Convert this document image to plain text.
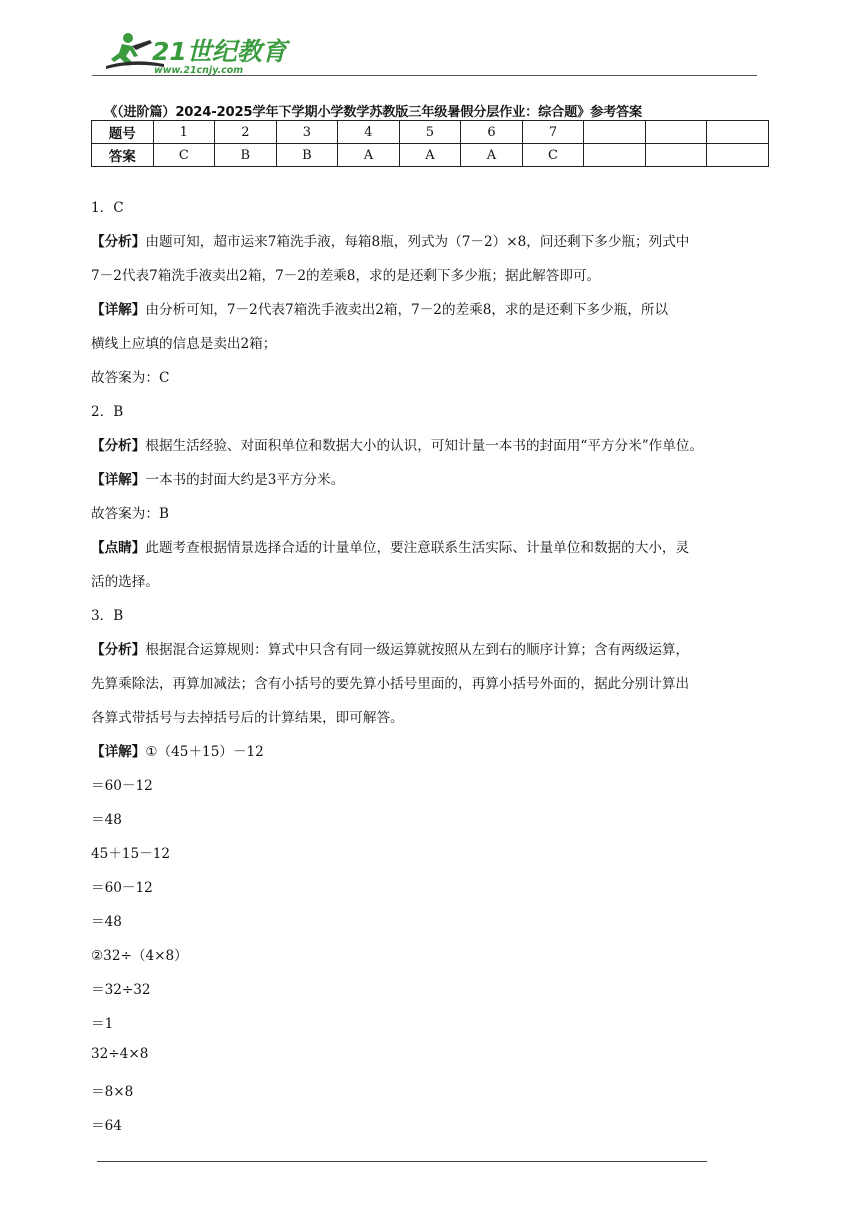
21世纪教育
www.21cnjy.com
《（进阶篇）2024-2025学年下学期小学数学苏教版三年级暑假分层作业：综合题》参考答案
题号	1	2	3	4	5	6	7			
答案	C	B	B	A	A	A	C			
1．C
【分析】由题可知，超市运来7箱洗手液，每箱8瓶，列式为（7－2）×8，问还剩下多少瓶；列式中
7－2代表7箱洗手液卖出2箱，7－2的差乘8，求的是还剩下多少瓶；据此解答即可。
【详解】由分析可知，7－2代表7箱洗手液卖出2箱，7－2的差乘8，求的是还剩下多少瓶，所以
横线上应填的信息是卖出2箱；
故答案为：C
2．B
【分析】根据生活经验、对面积单位和数据大小的认识，可知计量一本书的封面用“平方分米”作单位。
【详解】一本书的封面大约是3平方分米。
故答案为：B
【点睛】此题考查根据情景选择合适的计量单位，要注意联系生活实际、计量单位和数据的大小，灵
活的选择。
3．B
【分析】根据混合运算规则：算式中只含有同一级运算就按照从左到右的顺序计算；含有两级运算，
先算乘除法，再算加减法；含有小括号的要先算小括号里面的，再算小括号外面的，据此分别计算出
各算式带括号与去掉括号后的计算结果，即可解答。
【详解】①（45＋15）－12
＝60－12
＝48
45＋15－12
＝60－12
＝48
②32÷（4×8）
＝32÷32
＝1
32÷4×8
＝8×8
＝64
